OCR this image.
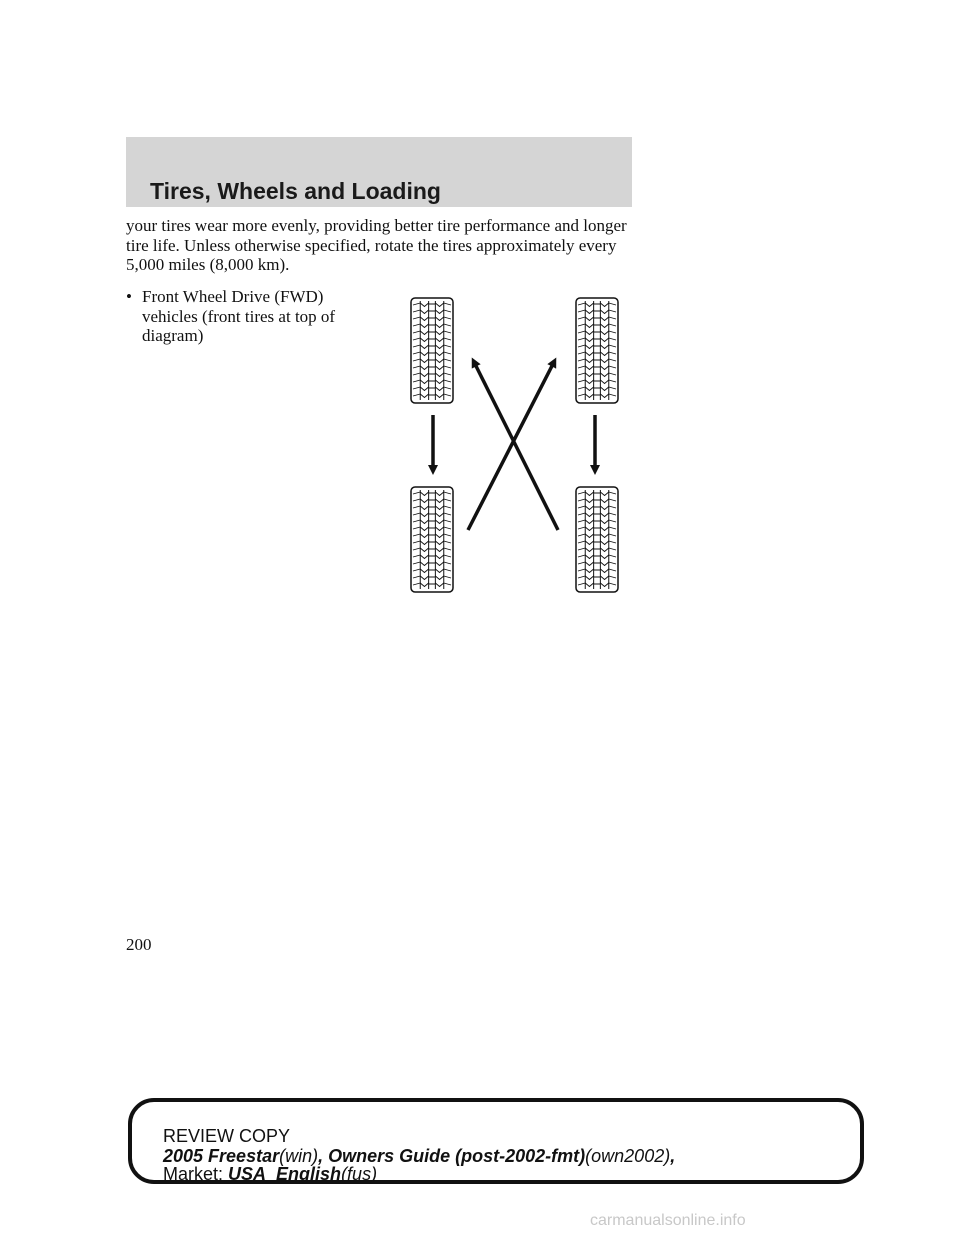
Tires, Wheels and Loading

your tires wear more evenly, providing better tire performance and longer tire life. Unless otherwise specified, rotate the tires approximately every 5,000 miles (8,000 km).

• Front Wheel Drive (FWD) vehicles (front tires at top of diagram)
200
REVIEW COPY
2005 Freestar(win), Owners Guide (post-2002-fmt)(own2002),
Market: USA_English(fus)
carmanualsonline.info
